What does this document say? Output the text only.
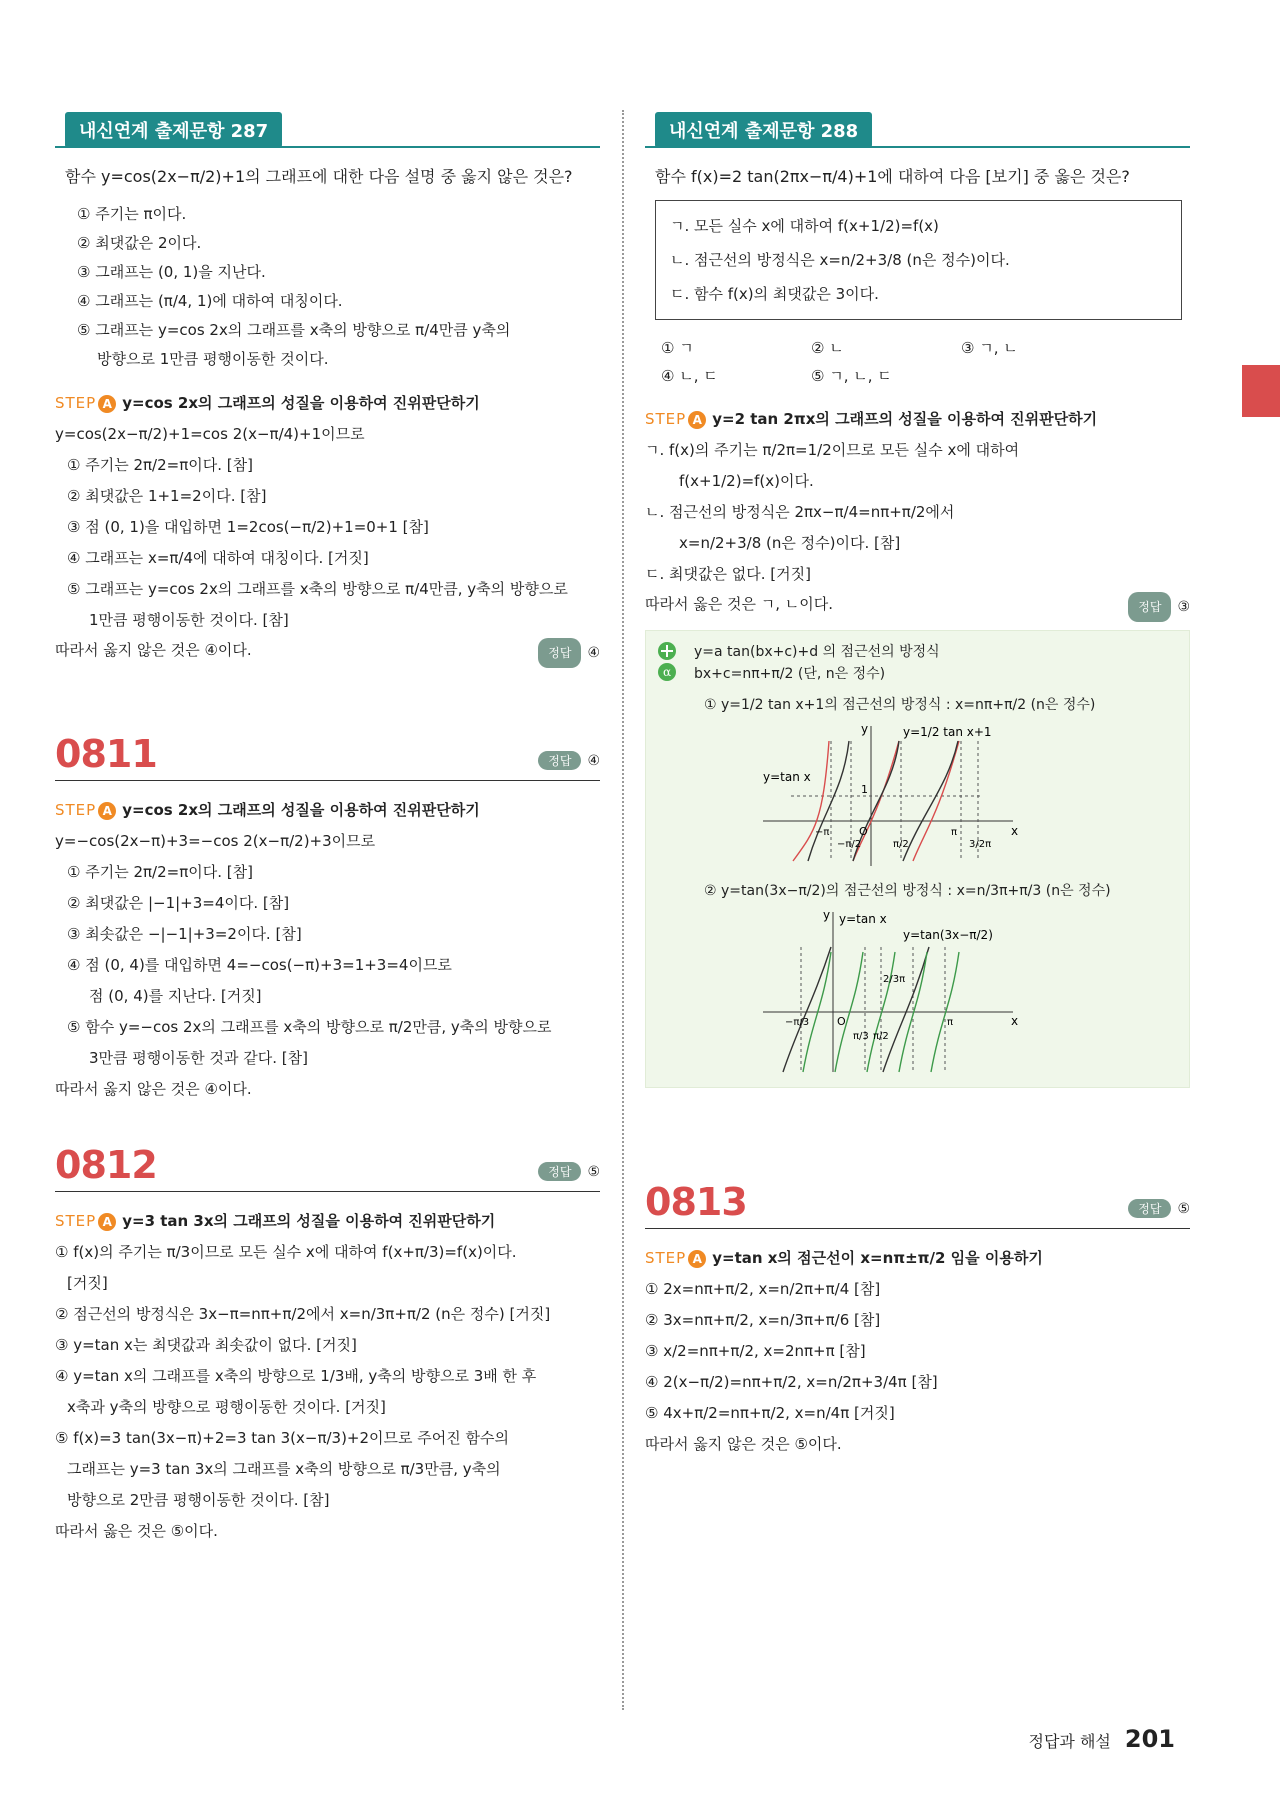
내신연계 출제문항 287
함수 y=cos(2x−π/2)+1의 그래프에 대한 다음 설명 중 옳지 않은 것은?
① 주기는 π이다.
② 최댓값은 2이다.
③ 그래프는 (0, 1)을 지난다.
④ 그래프는 (π/4, 1)에 대하여 대칭이다.
⑤ 그래프는 y=cos 2x의 그래프를 x축의 방향으로 π/4만큼 y축의
방향으로 1만큼 평행이동한 것이다.
STEP A y=cos 2x의 그래프의 성질을 이용하여 진위판단하기
y=cos(2x−π/2)+1=cos 2(x−π/4)+1이므로
① 주기는 2π/2=π이다. [참]
② 최댓값은 1+1=2이다. [참]
③ 점 (0, 1)을 대입하면 1=2cos(−π/2)+1=0+1 [참]
④ 그래프는 x=π/4에 대하여 대칭이다. [거짓]
⑤ 그래프는 y=cos 2x의 그래프를 x축의 방향으로 π/4만큼, y축의 방향으로
1만큼 평행이동한 것이다. [참]
따라서 옳지 않은 것은 ④이다.	정답	④
0811	정답	④
STEP A y=cos 2x의 그래프의 성질을 이용하여 진위판단하기
y=−cos(2x−π)+3=−cos 2(x−π/2)+3이므로
① 주기는 2π/2=π이다. [참]
② 최댓값은 |−1|+3=4이다. [참]
③ 최솟값은 −|−1|+3=2이다. [참]
④ 점 (0, 4)를 대입하면 4=−cos(−π)+3=1+3=4이므로
점 (0, 4)를 지난다. [거짓]
⑤ 함수 y=−cos 2x의 그래프를 x축의 방향으로 π/2만큼, y축의 방향으로
3만큼 평행이동한 것과 같다. [참]
따라서 옳지 않은 것은 ④이다.
0812	정답	⑤
STEP A y=3 tan 3x의 그래프의 성질을 이용하여 진위판단하기
① f(x)의 주기는 π/3이므로 모든 실수 x에 대하여 f(x+π/3)=f(x)이다.
[거짓]
② 점근선의 방정식은 3x−π=nπ+π/2에서 x=n/3π+π/2 (n은 정수) [거짓]
③ y=tan x는 최댓값과 최솟값이 없다. [거짓]
④ y=tan x의 그래프를 x축의 방향으로 1/3배, y축의 방향으로 3배 한 후
x축과 y축의 방향으로 평행이동한 것이다. [거짓]
⑤ f(x)=3 tan(3x−π)+2=3 tan 3(x−π/3)+2이므로 주어진 함수의
그래프는 y=3 tan 3x의 그래프를 x축의 방향으로 π/3만큼, y축의
방향으로 2만큼 평행이동한 것이다. [참]
따라서 옳은 것은 ⑤이다.
내신연계 출제문항 288
함수 f(x)=2 tan(2πx−π/4)+1에 대하여 다음 [보기] 중 옳은 것은?
ㄱ. 모든 실수 x에 대하여 f(x+1/2)=f(x)
ㄴ. 점근선의 방정식은 x=n/2+3/8 (n은 정수)이다.
ㄷ. 함수 f(x)의 최댓값은 3이다.
① ㄱ	② ㄴ	③ ㄱ, ㄴ
④ ㄴ, ㄷ	⑤ ㄱ, ㄴ, ㄷ
STEP A y=2 tan 2πx의 그래프의 성질을 이용하여 진위판단하기
ㄱ. f(x)의 주기는 π/2π=1/2이므로 모든 실수 x에 대하여
f(x+1/2)=f(x)이다.
ㄴ. 점근선의 방정식은 2πx−π/4=nπ+π/2에서
x=n/2+3/8 (n은 정수)이다. [참]
ㄷ. 최댓값은 없다. [거짓]
따라서 옳은 것은 ㄱ, ㄴ이다.	정답	③
α
y=a tan(bx+c)+d 의 점근선의 방정식
bx+c=nπ+π/2 (단, n은 정수)
① y=1/2 tan x+1의 점근선의 방정식 : x=nπ+π/2 (n은 정수)
y=tan x
y=1/2 tan x+1
x
y
O
1
−π
−π/2	π/2
π
3/2π
② y=tan(3x−π/2)의 점근선의 방정식 : x=n/3π+π/3 (n은 정수)
y=tan x
y=tan(3x−π/2)
x
y
O
−π/3
π/3 π/2
π
2/3π
0813	정답	⑤
STEP A y=tan x의 점근선이 x=nπ±π/2 임을 이용하기
① 2x=nπ+π/2, x=n/2π+π/4 [참]
② 3x=nπ+π/2, x=n/3π+π/6 [참]
③ x/2=nπ+π/2, x=2nπ+π [참]
④ 2(x−π/2)=nπ+π/2, x=n/2π+3/4π [참]
⑤ 4x+π/2=nπ+π/2, x=n/4π [거짓]
따라서 옳지 않은 것은 ⑤이다.
정답과 해설 201
